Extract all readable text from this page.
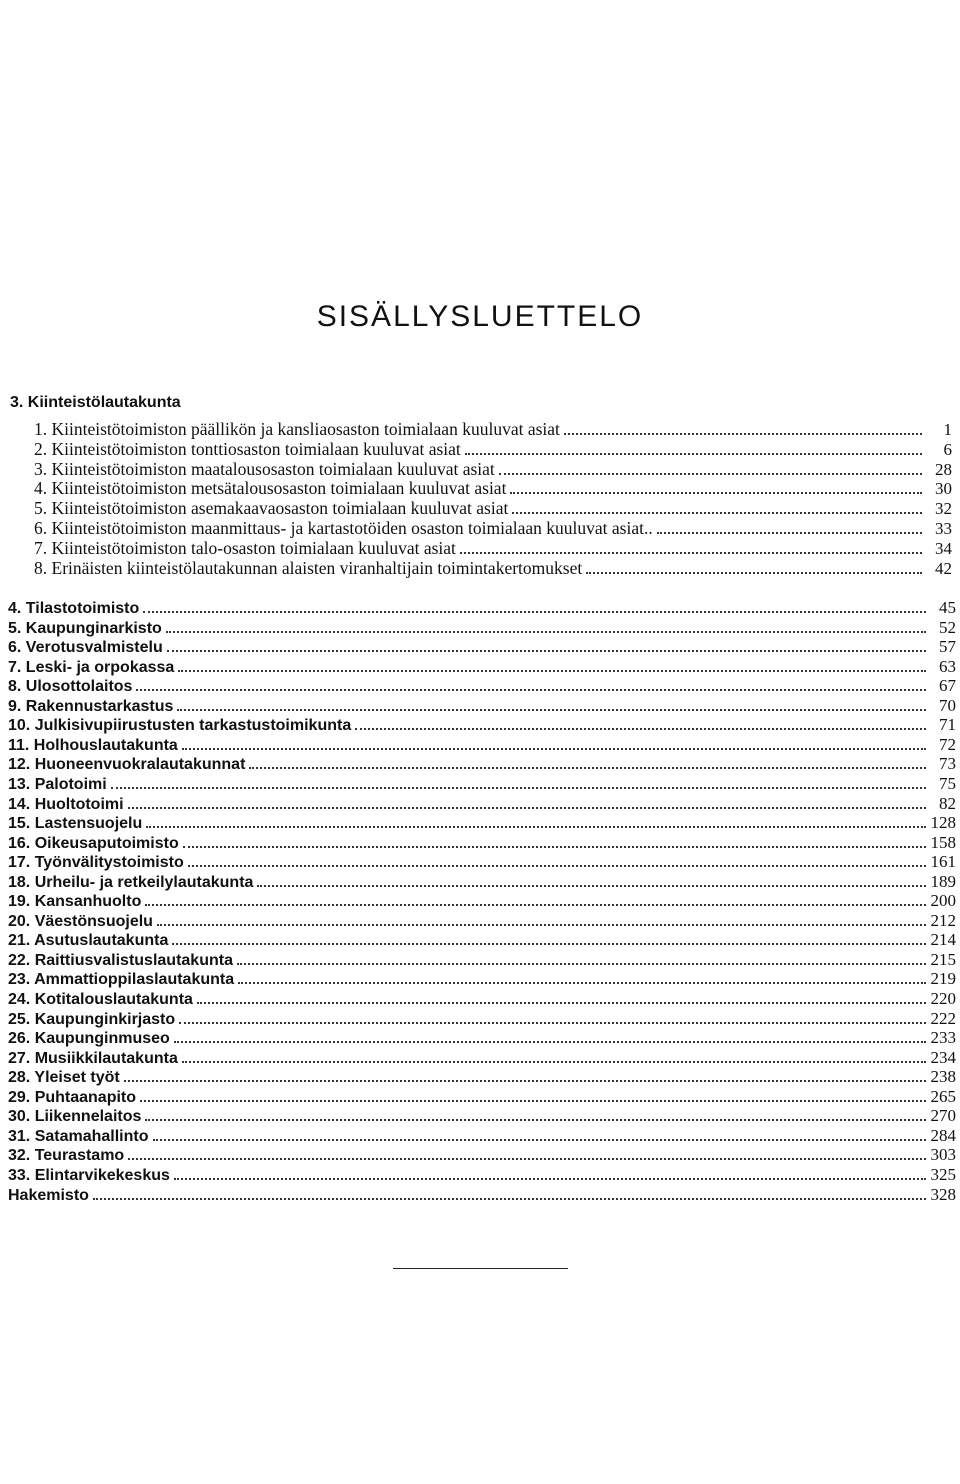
SISÄLLYSLUETTELO
3. Kiinteistölautakunta
1. Kiinteistötoimiston päällikön ja kansliaosaston toimialaan kuuluvat asiat	1
2. Kiinteistötoimiston tonttiosaston toimialaan kuuluvat asiat	6
3. Kiinteistötoimiston maatalousosaston toimialaan kuuluvat asiat	28
4. Kiinteistötoimiston metsätalousosaston toimialaan kuuluvat asiat	30
5. Kiinteistötoimiston asemakaavaosaston toimialaan kuuluvat asiat	32
6. Kiinteistötoimiston maanmittaus- ja kartastotöiden osaston toimialaan kuuluvat asiat..	33
7. Kiinteistötoimiston talo-osaston toimialaan kuuluvat asiat	34
8. Erinäisten kiinteistölautakunnan alaisten viranhaltijain toimintakertomukset	42
4. Tilastotoimisto	45
5. Kaupunginarkisto	52
6. Verotusvalmistelu	57
7. Leski- ja orpokassa	63
8. Ulosottolaitos	67
9. Rakennustarkastus	70
10. Julkisivupiirustusten tarkastustoimikunta	71
11. Holhouslautakunta	72
12. Huoneenvuokralautakunnat	73
13. Palotoimi	75
14. Huoltotoimi	82
15. Lastensuojelu	128
16. Oikeusaputoimisto	158
17. Työnvälitystoimisto	161
18. Urheilu- ja retkeilylautakunta	189
19. Kansanhuolto	200
20. Väestönsuojelu	212
21. Asutuslautakunta	214
22. Raittiusvalistuslautakunta	215
23. Ammattioppilaslautakunta	219
24. Kotitalouslautakunta	220
25. Kaupunginkirjasto	222
26. Kaupunginmuseo	233
27. Musiikkilautakunta	234
28. Yleiset työt	238
29. Puhtaanapito	265
30. Liikennelaitos	270
31. Satamahallinto	284
32. Teurastamo	303
33. Elintarvikekeskus	325
Hakemisto	328
